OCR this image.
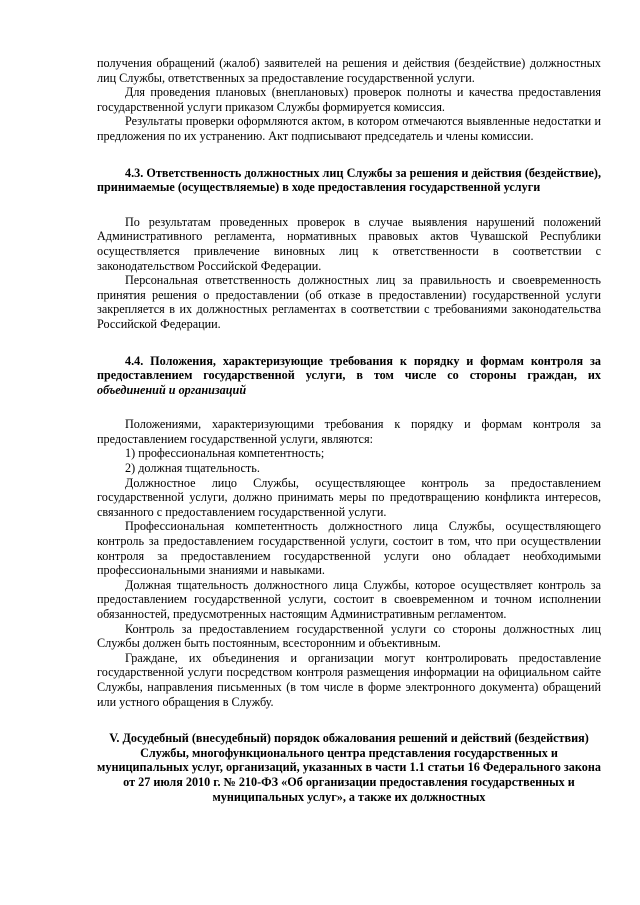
получения обращений (жалоб) заявителей на решения и действия (бездействие) должностных лиц Службы, ответственных за предоставление государственной услуги.

Для проведения плановых (внеплановых) проверок полноты и качества предоставления государственной услуги приказом Службы формируется комиссия.

Результаты проверки оформляются актом, в котором отмечаются выявленные недостатки и предложения по их устранению. Акт подписывают председатель и члены комиссии.

4.3. Ответственность должностных лиц Службы за решения и действия (бездействие), принимаемые (осуществляемые) в ходе предоставления государственной услуги

По результатам проведенных проверок в случае выявления нарушений положений Административного регламента, нормативных правовых актов Чувашской Республики осуществляется привлечение виновных лиц к ответственности в соответствии с законодательством Российской Федерации.

Персональная ответственность должностных лиц за правильность и своевременность принятия решения о предоставлении (об отказе в предоставлении) государственной услуги закрепляется в их должностных регламентах в соответствии с требованиями законодательства Российской Федерации.

4.4. Положения, характеризующие требования к порядку и формам контроля за предоставлением государственной услуги, в том числе со стороны граждан, их объединений и организаций

Положениями, характеризующими требования к порядку и формам контроля за предоставлением государственной услуги, являются:

1) профессиональная компетентность;

2) должная тщательность.

Должностное лицо Службы, осуществляющее контроль за предоставлением государственной услуги, должно принимать меры по предотвращению конфликта интересов, связанного с предоставлением государственной услуги.

Профессиональная компетентность должностного лица Службы, осуществляющего контроль за предоставлением государственной услуги, состоит в том, что при осуществлении контроля за предоставлением государственной услуги оно обладает необходимыми профессиональными знаниями и навыками.

Должная тщательность должностного лица Службы, которое осуществляет контроль за предоставлением государственной услуги, состоит в своевременном и точном исполнении обязанностей, предусмотренных настоящим Административным регламентом.

Контроль за предоставлением государственной услуги со стороны должностных лиц Службы должен быть постоянным, всесторонним и объективным.

Граждане, их объединения и организации могут контролировать предоставление государственной услуги посредством контроля размещения информации на официальном сайте Службы, направления письменных (в том числе в форме электронного документа) обращений или устного обращения в Службу.

V. Досудебный (внесудебный) порядок обжалования решений и действий (бездействия) Службы, многофункционального центра представления государственных и муниципальных услуг, организаций, указанных в части 1.1 статьи 16 Федерального закона от 27 июля 2010 г. № 210-ФЗ «Об организации предоставления государственных и муниципальных услуг», а также их должностных
